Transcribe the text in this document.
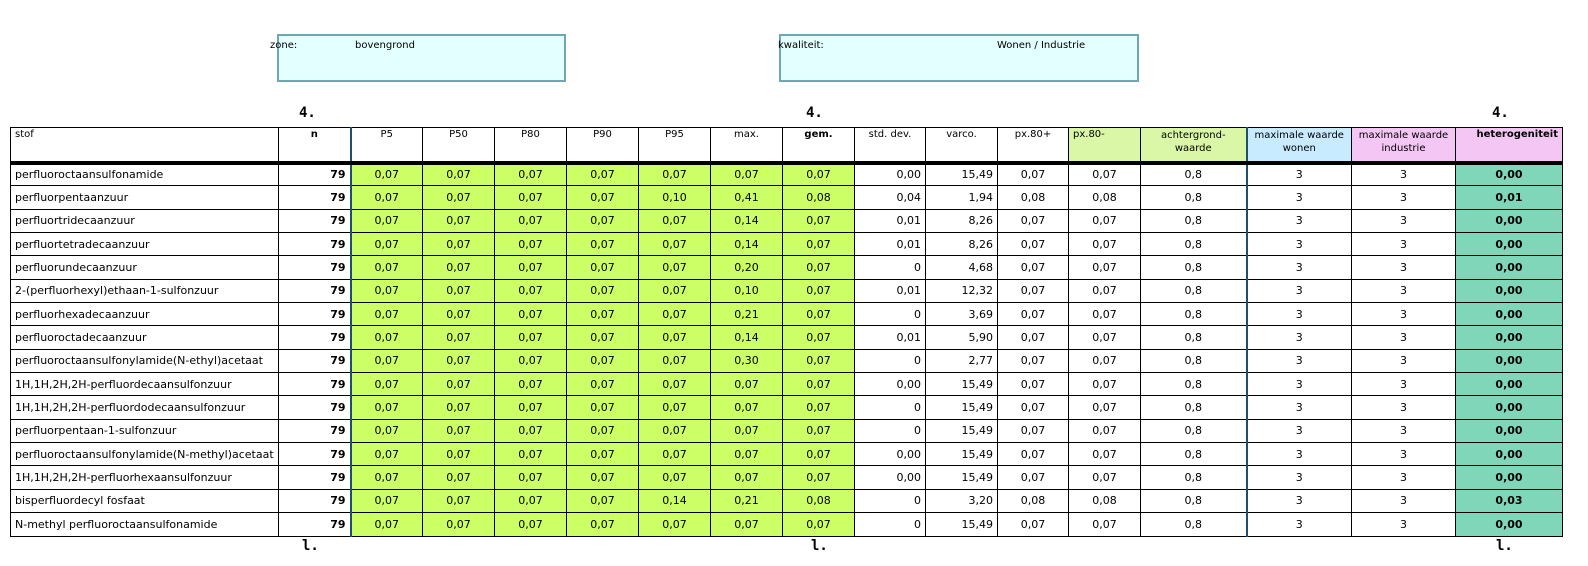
zone:	bovengrond	kwaliteit:	Wonen / Industrie
4.	4.	4.
stof	n	P5	P50	P80	P90	P95	max.	gem.	std. dev.	varco.	px.80+	px.80-	achtergrond-waarde	maximale waarde wonen	maximale waarde industrie	heterogeniteit
perfluoroctaansulfonamide	79	0,07	0,07	0,07	0,07	0,07	0,07	0,07	0,00	15,49	0,07	0,07	0,8	3	3	0,00
perfluorpentaanzuur	79	0,07	0,07	0,07	0,07	0,10	0,41	0,08	0,04	1,94	0,08	0,08	0,8	3	3	0,01
perfluortridecaanzuur	79	0,07	0,07	0,07	0,07	0,07	0,14	0,07	0,01	8,26	0,07	0,07	0,8	3	3	0,00
perfluortetradecaanzuur	79	0,07	0,07	0,07	0,07	0,07	0,14	0,07	0,01	8,26	0,07	0,07	0,8	3	3	0,00
perfluorundecaanzuur	79	0,07	0,07	0,07	0,07	0,07	0,20	0,07	0	4,68	0,07	0,07	0,8	3	3	0,00
2-(perfluorhexyl)ethaan-1-sulfonzuur	79	0,07	0,07	0,07	0,07	0,07	0,10	0,07	0,01	12,32	0,07	0,07	0,8	3	3	0,00
perfluorhexadecaanzuur	79	0,07	0,07	0,07	0,07	0,07	0,21	0,07	0	3,69	0,07	0,07	0,8	3	3	0,00
perfluoroctadecaanzuur	79	0,07	0,07	0,07	0,07	0,07	0,14	0,07	0,01	5,90	0,07	0,07	0,8	3	3	0,00
perfluoroctaansulfonylamide(N-ethyl)acetaat	79	0,07	0,07	0,07	0,07	0,07	0,30	0,07	0	2,77	0,07	0,07	0,8	3	3	0,00
1H,1H,2H,2H-perfluordecaansulfonzuur	79	0,07	0,07	0,07	0,07	0,07	0,07	0,07	0,00	15,49	0,07	0,07	0,8	3	3	0,00
1H,1H,2H,2H-perfluordodecaansulfonzuur	79	0,07	0,07	0,07	0,07	0,07	0,07	0,07	0	15,49	0,07	0,07	0,8	3	3	0,00
perfluorpentaan-1-sulfonzuur	79	0,07	0,07	0,07	0,07	0,07	0,07	0,07	0	15,49	0,07	0,07	0,8	3	3	0,00
perfluoroctaansulfonylamide(N-methyl)acetaat	79	0,07	0,07	0,07	0,07	0,07	0,07	0,07	0,00	15,49	0,07	0,07	0,8	3	3	0,00
1H,1H,2H,2H-perfluorhexaansulfonzuur	79	0,07	0,07	0,07	0,07	0,07	0,07	0,07	0,00	15,49	0,07	0,07	0,8	3	3	0,00
bisperfluordecyl fosfaat	79	0,07	0,07	0,07	0,07	0,14	0,21	0,08	0	3,20	0,08	0,08	0,8	3	3	0,03
N-methyl perfluoroctaansulfonamide	79	0,07	0,07	0,07	0,07	0,07	0,07	0,07	0	15,49	0,07	0,07	0,8	3	3	0,00
l.	l.	l.
